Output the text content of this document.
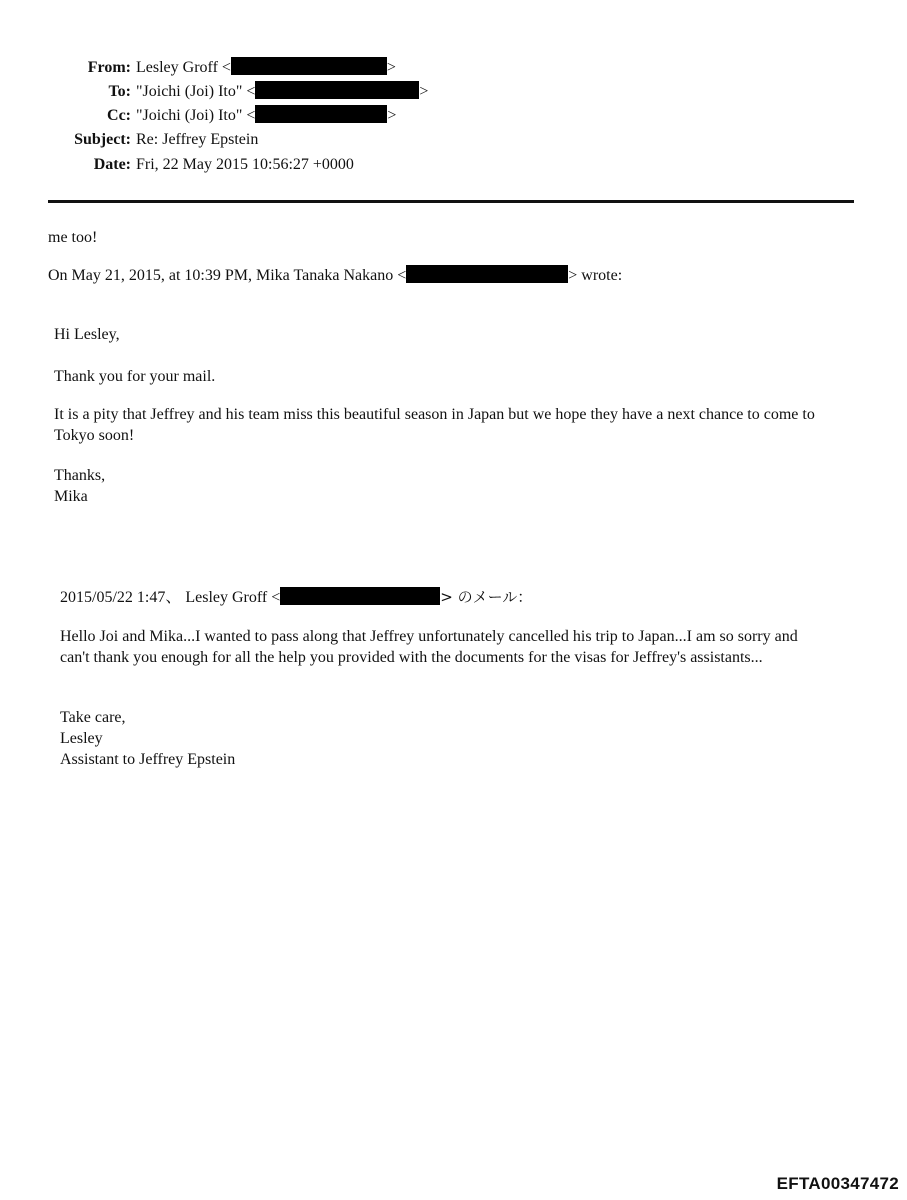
From: Lesley Groff <	>
To: "Joichi (Joi) Ito" <	>
Cc: "Joichi (Joi) Ito" <	>
Subject: Re: Jeffrey Epstein
Date: Fri, 22 May 2015 10:56:27 +0000
me too!
On May 21, 2015, at 10:39 PM, Mika Tanaka Nakano <	> wrote:
Hi Lesley,
Thank you for your mail.
It is a pity that Jeffrey and his team miss this beautiful season in Japan but we hope they have a next chance to come to Tokyo soon!
Thanks,
Mika
2015/05/22 1:47、 Lesley Groff <	> のメール：
Hello Joi and Mika...I wanted to pass along that Jeffrey unfortunately cancelled his trip to Japan...I am so sorry and can't thank you enough for all the help you provided with the documents for the visas for Jeffrey's assistants...
Take care,
Lesley
Assistant to Jeffrey Epstein
EFTA00347472
